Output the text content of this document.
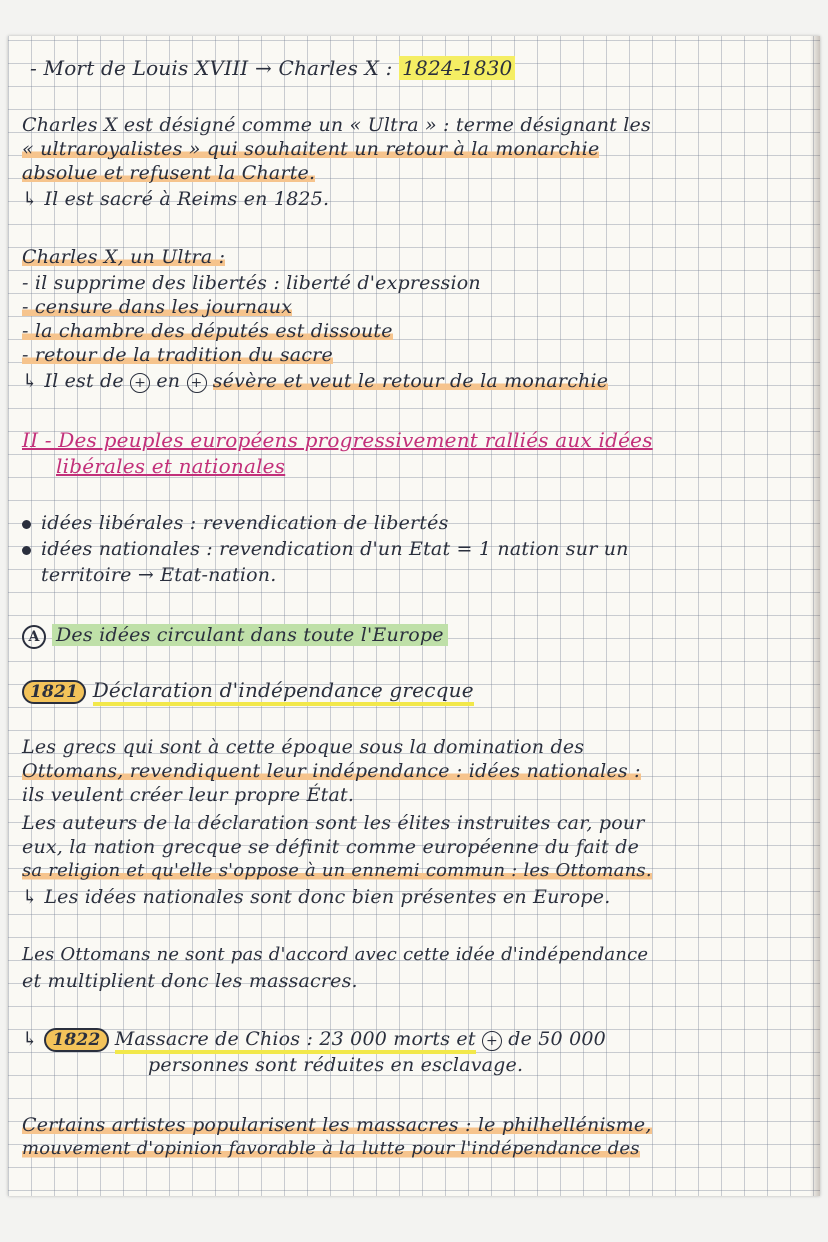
- Mort de Louis XVIII → Charles X : 1824-1830
Charles X est désigné comme un « Ultra » : terme désignant les
« ultraroyalistes » qui souhaitent un retour à la monarchie
absolue et refusent la Charte.
↳ Il est sacré à Reims en 1825.
Charles X, un Ultra :
- il supprime des libertés : liberté d'expression
- censure dans les journaux
- la chambre des députés est dissoute
- retour de la tradition du sacre
↳ Il est de + en + sévère et veut le retour de la monarchie
II - Des peuples européens progressivement ralliés aux idées
libérales et nationales
idées libérales : revendication de libertés
idées nationales : revendication d'un Etat = 1 nation sur un
territoire → Etat-nation.
A Des idées circulant dans toute l'Europe
1821 Déclaration d'indépendance grecque
Les grecs qui sont à cette époque sous la domination des
Ottomans, revendiquent leur indépendance : idées nationales :
ils veulent créer leur propre État.
Les auteurs de la déclaration sont les élites instruites car, pour
eux, la nation grecque se définit comme européenne du fait de
sa religion et qu'elle s'oppose à un ennemi commun : les Ottomans.
↳ Les idées nationales sont donc bien présentes en Europe.
Les Ottomans ne sont pas d'accord avec cette idée d'indépendance
et multiplient donc les massacres.
↳ 1822 Massacre de Chios : 23 000 morts et + de 50 000
personnes sont réduites en esclavage.
Certains artistes popularisent les massacres : le philhellénisme,
mouvement d'opinion favorable à la lutte pour l'indépendance des
